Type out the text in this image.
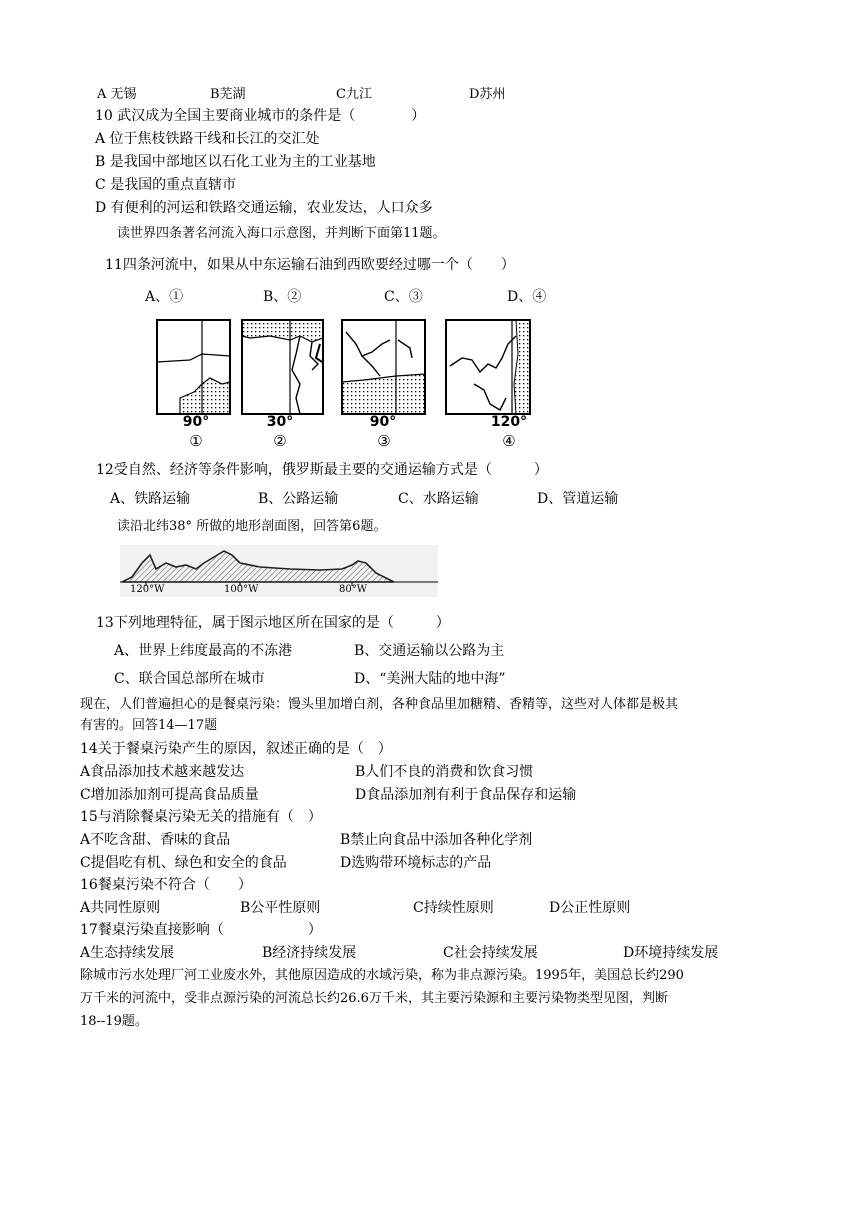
A 无锡	B芜湖	C九江	D苏州
10 武汉成为全国主要商业城市的条件是（　　　　）
A 位于焦枝铁路干线和长江的交汇处
B 是我国中部地区以石化工业为主的工业基地
C 是我国的重点直辖市
D 有便利的河运和铁路交通运输，农业发达，人口众多
读世界四条著名河流入海口示意图，并判断下面第11题。
11四条河流中，如果从中东运输石油到西欧要经过哪一个（　　）
A、①	B、②	C、③	D、④
90°	30°	90°	120°
①	②	③	④
12受自然、经济等条件影响，俄罗斯最主要的交通运输方式是（　　　）
A、铁路运输	B、公路运输	C、水路运输	D、管道运输
读沿北纬38° 所做的地形剖面图，回答第6题。
120°W	100°W	80°W
13下列地理特征，属于图示地区所在国家的是（　　　）
A、世界上纬度最高的不冻港	B、交通运输以公路为主
C、联合国总部所在城市	D、“美洲大陆的地中海”
现在，人们普遍担心的是餐桌污染：馒头里加增白剂，各种食品里加糖精、香精等，这些对人体都是极其
有害的。回答14—17题
14关于餐桌污染产生的原因，叙述正确的是（　）
A食品添加技术越来越发达	B人们不良的消费和饮食习惯
C增加添加剂可提高食品质量	D食品添加剂有利于食品保存和运输
15与消除餐桌污染无关的措施有（　）
A不吃含甜、香味的食品	B禁止向食品中添加各种化学剂
C提倡吃有机、绿色和安全的食品	D选购带环境标志的产品
16餐桌污染不符合（　　）
A共同性原则	B公平性原则	C持续性原则	D公正性原则
17餐桌污染直接影响（　　　　　　）
A生态持续发展	B经济持续发展	C社会持续发展	D环境持续发展
除城市污水处理厂河工业废水外，其他原因造成的水域污染，称为非点源污染。1995年，美国总长约290
万千米的河流中，受非点源污染的河流总长约26.6万千米，其主要污染源和主要污染物类型见图，判断
18--19题。
